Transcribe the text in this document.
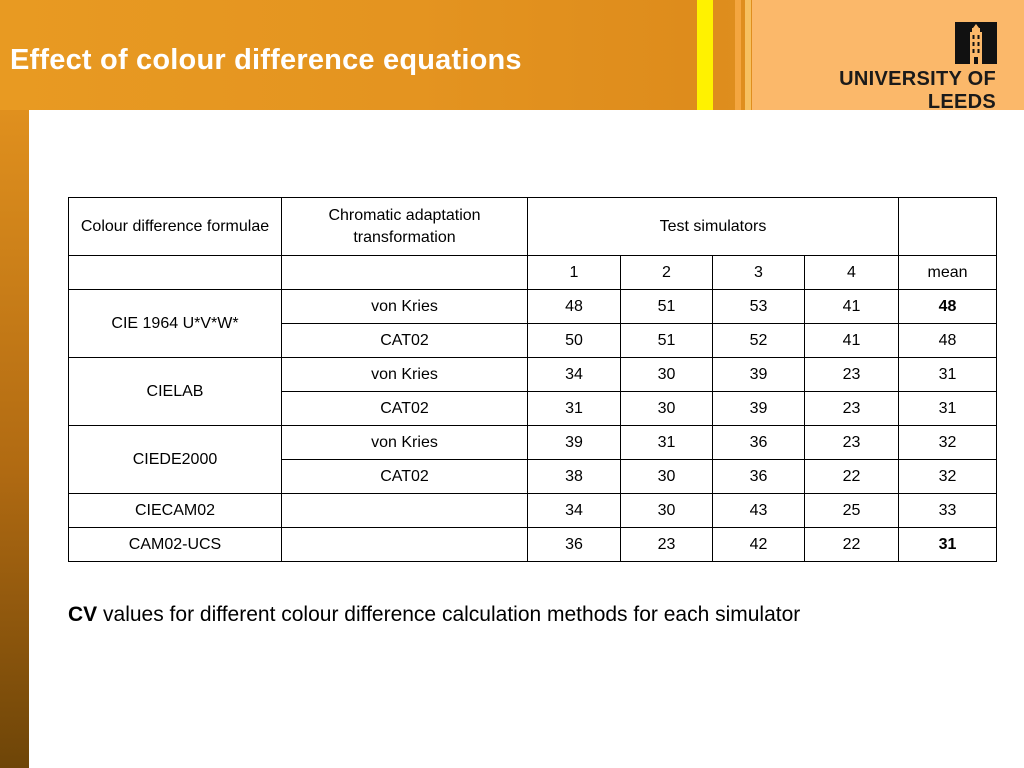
Effect of colour difference equations
UNIVERSITY OF LEEDS
Colour difference formulae	Chromatic adaptation transformation	Test simulators				
		1	2	3	4	mean
CIE 1964 U*V*W*	von Kries	48	51	53	41	48
	CAT02	50	51	52	41	48
CIELAB	von Kries	34	30	39	23	31
	CAT02	31	30	39	23	31
CIEDE2000	von Kries	39	31	36	23	32
	CAT02	38	30	36	22	32
CIECAM02		34	30	43	25	33
CAM02-UCS		36	23	42	22	31
CV values for different colour difference calculation methods for each simulator
